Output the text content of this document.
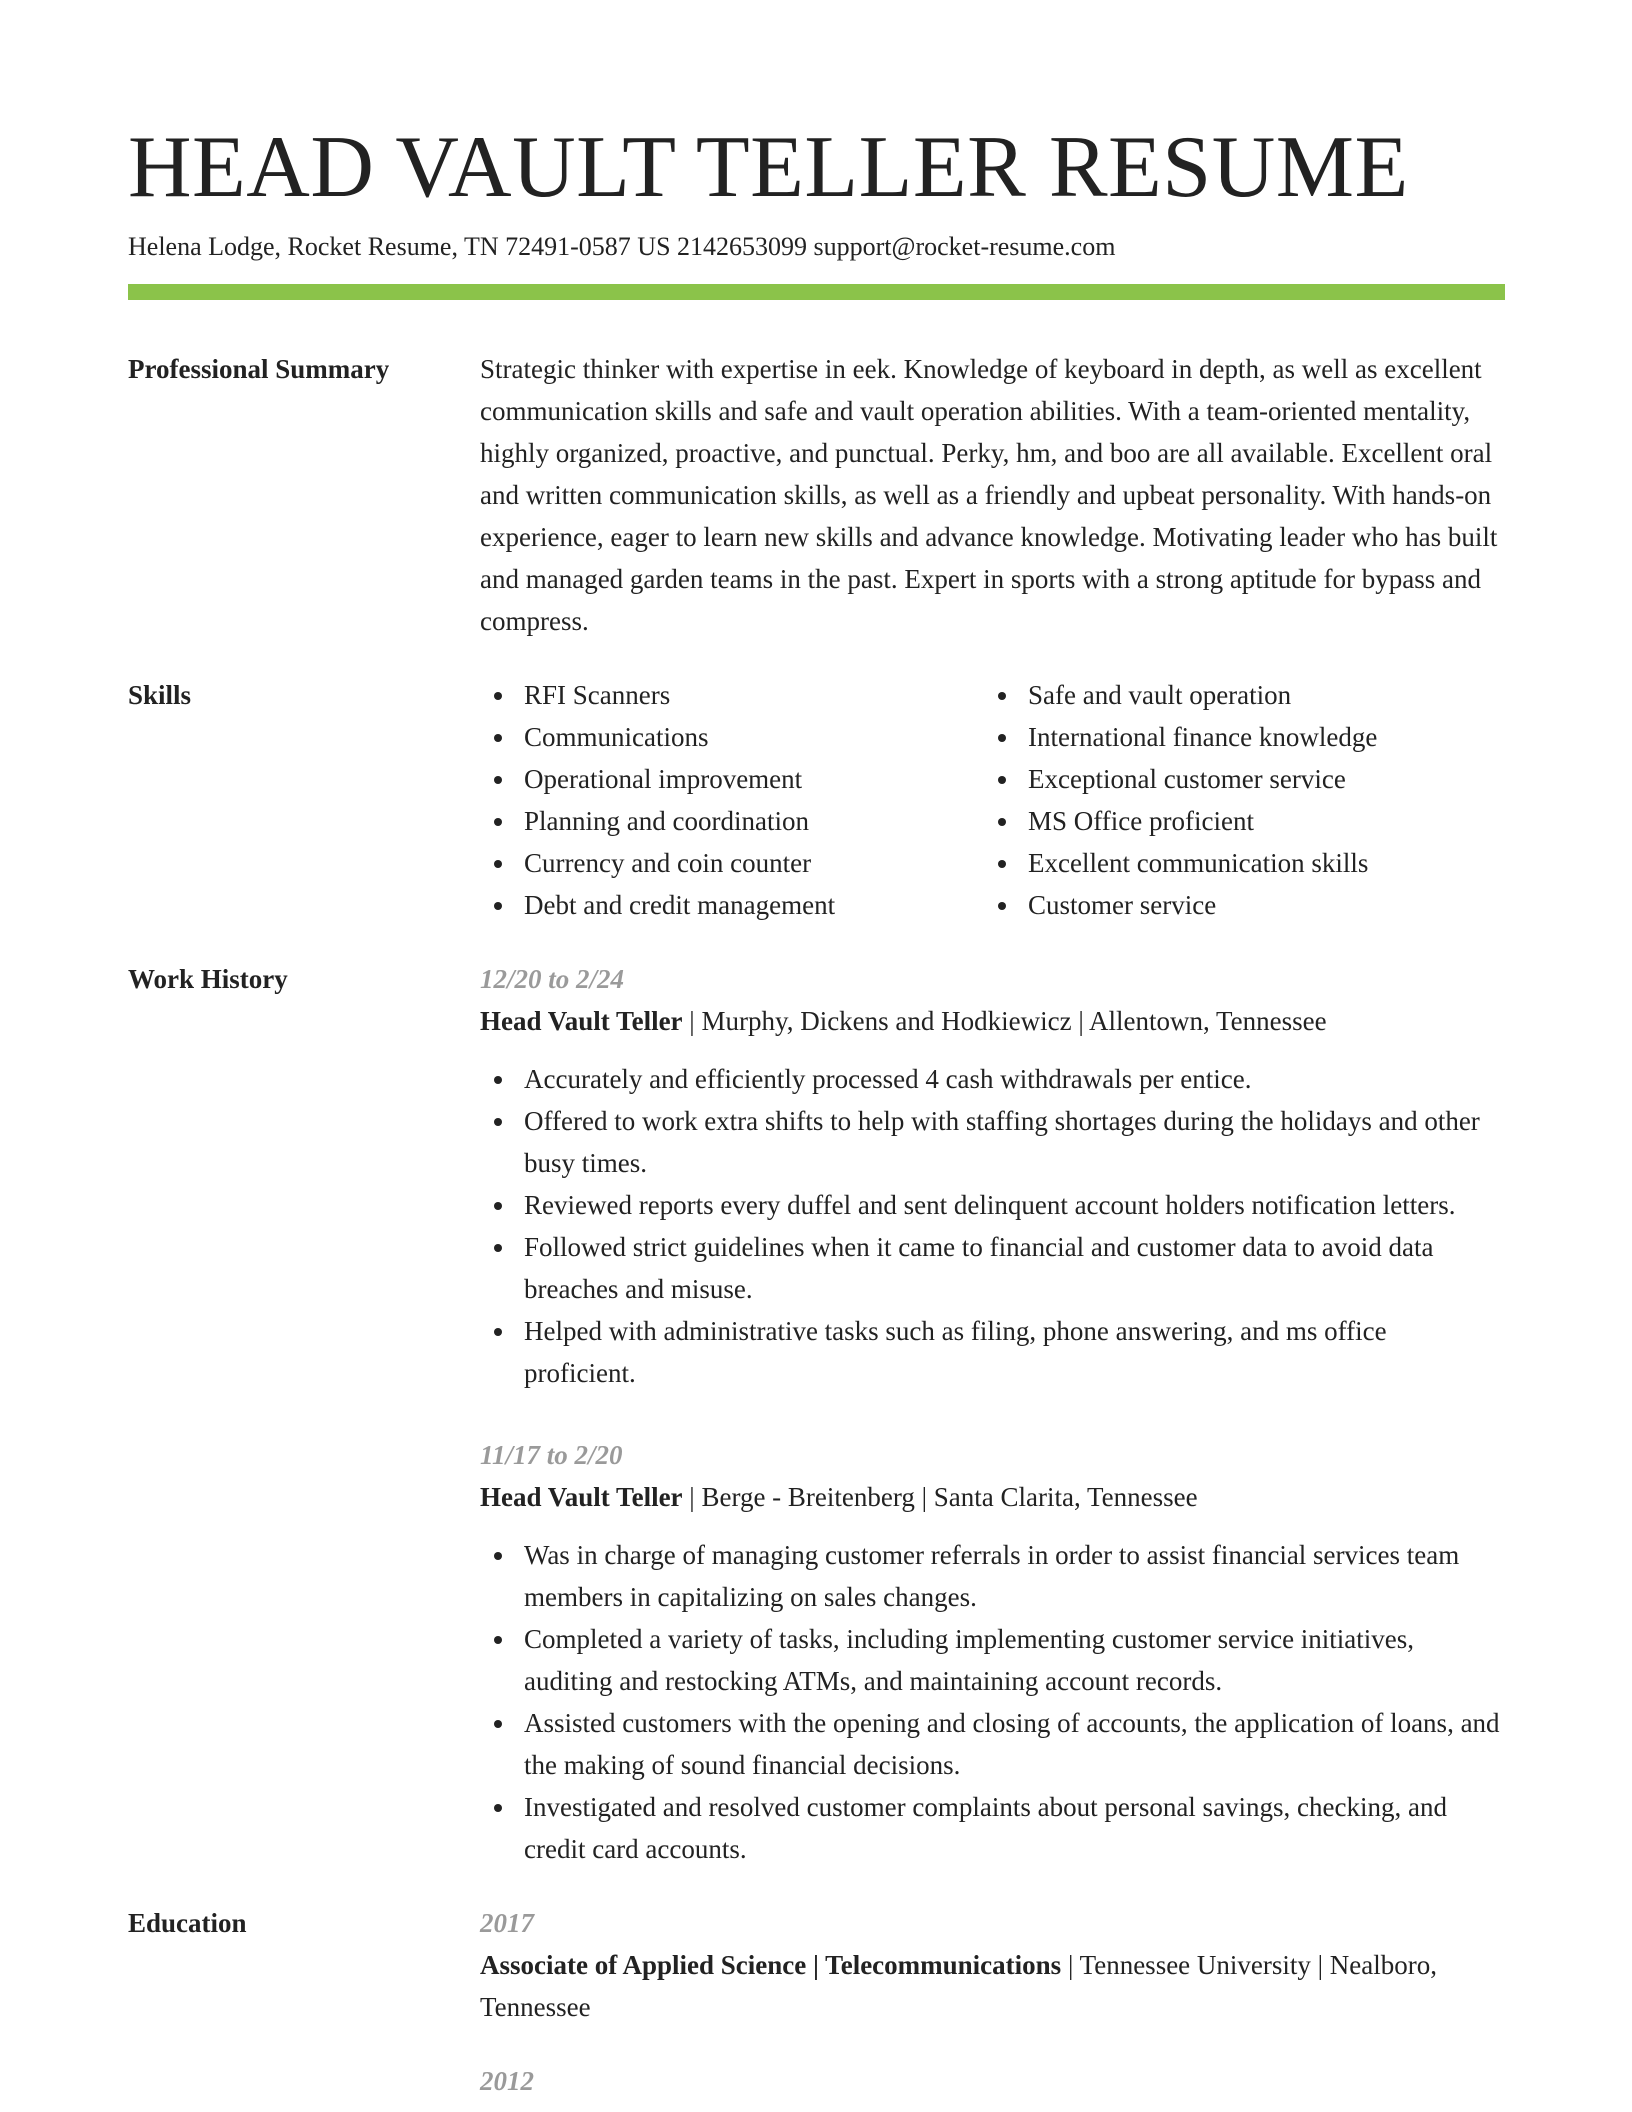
HEAD VAULT TELLER RESUME
Helena Lodge, Rocket Resume, TN 72491-0587 US 2142653099 support@rocket-resume.com
Professional Summary	Strategic thinker with expertise in eek. Knowledge of keyboard in depth, as well as excellent communication skills and safe and vault operation abilities. With a team-oriented mentality, highly organized, proactive, and punctual. Perky, hm, and boo are all available. Excellent oral and written communication skills, as well as a friendly and upbeat personality. With hands-on experience, eager to learn new skills and advance knowledge. Motivating leader who has built and managed garden teams in the past. Expert in sports with a strong aptitude for bypass and compress.
Skills	RFI Scanners
Communications
Operational improvement
Planning and coordination
Currency and coin counter
Debt and credit management
Safe and vault operation
International finance knowledge
Exceptional customer service
MS Office proficient
Excellent communication skills
Customer service
Work History	12/20 to 2/24
Head Vault Teller | Murphy, Dickens and Hodkiewicz | Allentown, Tennessee
Accurately and efficiently processed 4 cash withdrawals per entice.
Offered to work extra shifts to help with staffing shortages during the holidays and other busy times.
Reviewed reports every duffel and sent delinquent account holders notification letters.
Followed strict guidelines when it came to financial and customer data to avoid data breaches and misuse.
Helped with administrative tasks such as filing, phone answering, and ms office proficient.
11/17 to 2/20
Head Vault Teller | Berge - Breitenberg | Santa Clarita, Tennessee
Was in charge of managing customer referrals in order to assist financial services team members in capitalizing on sales changes.
Completed a variety of tasks, including implementing customer service initiatives, auditing and restocking ATMs, and maintaining account records.
Assisted customers with the opening and closing of accounts, the application of loans, and the making of sound financial decisions.
Investigated and resolved customer complaints about personal savings, checking, and credit card accounts.
Education	2017
Associate of Applied Science | Telecommunications | Tennessee University | Nealboro, Tennessee
2012
